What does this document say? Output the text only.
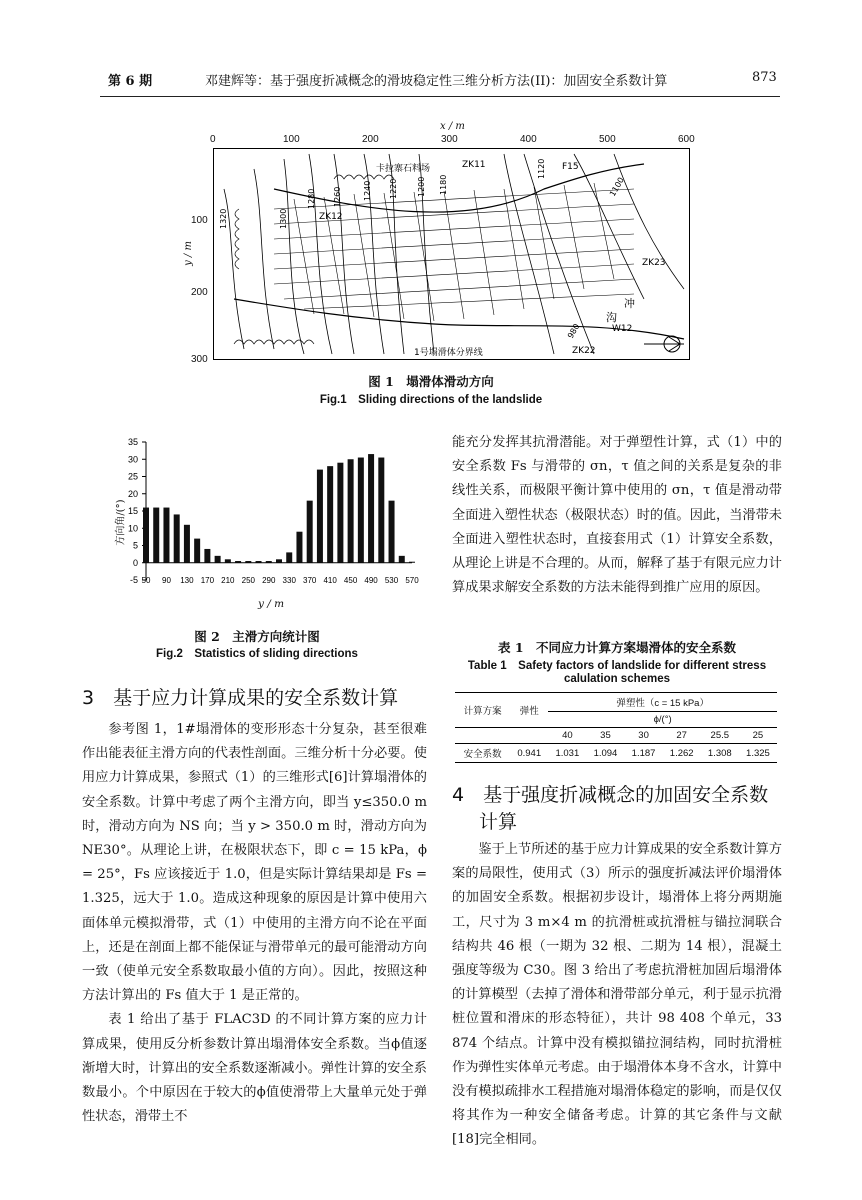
第 6 期	邓建辉等：基于强度折减概念的滑坡稳定性三维分析方法(II)：加固安全系数计算	873
x / m
0	100	200	300	400	500	600
y / m
100
200
300
卡拉寨石料场	ZK11	F15
ZK12
ZK23
W12
ZK22
1号塌滑体分界线
冲
沟
1320	1300
1280 1260	1240 1220 1200 1180
1120
1100
980
图 1　塌滑体滑动方向
Fig.1　Sliding directions of the landslide
-5
0
5
10
15
20
25
30
35
50 90 130 170 210 250 290 330 370 410 450 490 530 570
方向角/(°)
y / m
图 2　主滑方向统计图
Fig.2　Statistics of sliding directions
3　基于应力计算成果的安全系数计算

参考图 1，1#塌滑体的变形形态十分复杂，甚至很难作出能表征主滑方向的代表性剖面。三维分析十分必要。使用应力计算成果，参照式（1）的三维形式[6]计算塌滑体的安全系数。计算中考虑了两个主滑方向，即当 y≤350.0 m 时，滑动方向为 NS 向；当 y > 350.0 m 时，滑动方向为 NE30°。从理论上讲，在极限状态下，即 c = 15 kPa，ϕ = 25°，Fs 应该接近于 1.0，但是实际计算结果却是 Fs = 1.325，远大于 1.0。造成这种现象的原因是计算中使用六面体单元模拟滑带，式（1）中使用的主滑方向不论在平面上，还是在剖面上都不能保证与滑带单元的最可能滑动方向一致（使单元安全系数取最小值的方向）。因此，按照这种方法计算出的 Fs 值大于 1 是正常的。

表 1 给出了基于 FLAC3D 的不同计算方案的应力计算成果，使用反分析参数计算出塌滑体安全系数。当ϕ值逐渐增大时，计算出的安全系数逐渐减小。弹性计算的安全系数最小。个中原因在于较大的ϕ值使滑带上大量单元处于弹性状态，滑带土不

能充分发挥其抗滑潜能。对于弹塑性计算，式（1）中的安全系数 Fs 与滑带的 σn，τ 值之间的关系是复杂的非线性关系，而极限平衡计算中使用的 σn，τ 值是滑动带全面进入塑性状态（极限状态）时的值。因此，当滑带未全面进入塑性状态时，直接套用式（1）计算安全系数，从理论上讲是不合理的。从而，解释了基于有限元应力计算成果求解安全系数的方法未能得到推广应用的原因。

表 1　不同应力计算方案塌滑体的安全系数
Table 1　Safety factors of landslide for different stress
calulation schemes
计算方案	弹性	弹塑性（c = 15 kPa）					
		ϕ/(°)					
		40	35	30	27	25.5	25
安全系数	0.941	1.031	1.094	1.187	1.262	1.308	1.325
4　基于强度折减概念的加固安全系数
计算

鉴于上节所述的基于应力计算成果的安全系数计算方案的局限性，使用式（3）所示的强度折减法评价塌滑体的加固安全系数。根据初步设计，塌滑体上将分两期施工，尺寸为 3 m×4 m 的抗滑桩或抗滑桩与锚拉洞联合结构共 46 根（一期为 32 根、二期为 14 根），混凝土强度等级为 C30。图 3 给出了考虑抗滑桩加固后塌滑体的计算模型（去掉了滑体和滑带部分单元，利于显示抗滑桩位置和滑床的形态特征），共计 98 408 个单元，33 874 个结点。计算中没有模拟锚拉洞结构，同时抗滑桩作为弹性实体单元考虑。由于塌滑体本身不含水，计算中没有模拟疏排水工程措施对塌滑体稳定的影响，而是仅仅将其作为一种安全储备考虑。计算的其它条件与文献[18]完全相同。
